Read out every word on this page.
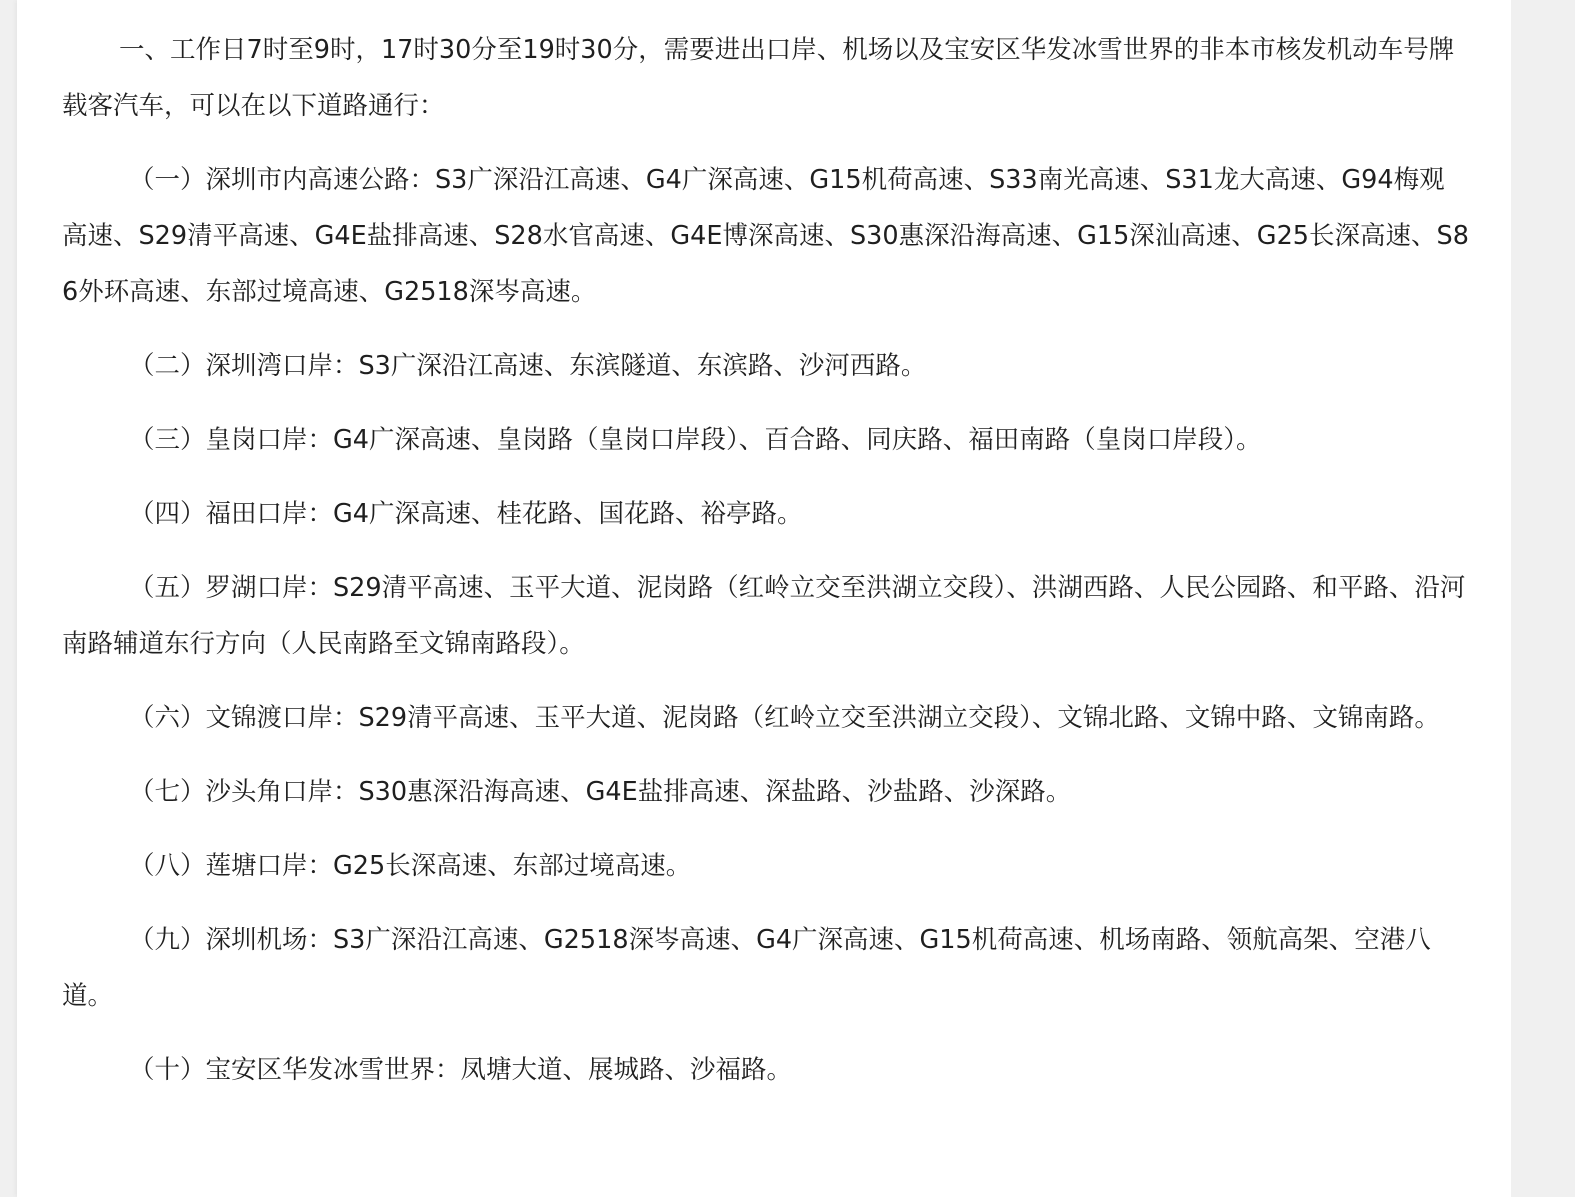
一、工作日7时至9时，17时30分至19时30分，需要进出口岸、机场以及宝安区华发冰雪世界的非本市核发机动车号牌载客汽车，可以在以下道路通行：

（一）深圳市内高速公路：S3广深沿江高速、G4广深高速、G15机荷高速、S33南光高速、S31龙大高速、G94梅观高速、S29清平高速、G4E盐排高速、S28水官高速、G4E博深高速、S30惠深沿海高速、G15深汕高速、G25长深高速、S86外环高速、东部过境高速、G2518深岑高速。

（二）深圳湾口岸：S3广深沿江高速、东滨隧道、东滨路、沙河西路。

（三）皇岗口岸：G4广深高速、皇岗路（皇岗口岸段）、百合路、同庆路、福田南路（皇岗口岸段）。

（四）福田口岸：G4广深高速、桂花路、国花路、裕亭路。

（五）罗湖口岸：S29清平高速、玉平大道、泥岗路（红岭立交至洪湖立交段）、洪湖西路、人民公园路、和平路、沿河南路辅道东行方向（人民南路至文锦南路段）。

（六）文锦渡口岸：S29清平高速、玉平大道、泥岗路（红岭立交至洪湖立交段）、文锦北路、文锦中路、文锦南路。

（七）沙头角口岸：S30惠深沿海高速、G4E盐排高速、深盐路、沙盐路、沙深路。

（八）莲塘口岸：G25长深高速、东部过境高速。

（九）深圳机场：S3广深沿江高速、G2518深岑高速、G4广深高速、G15机荷高速、机场南路、领航高架、空港八道。

（十）宝安区华发冰雪世界：凤塘大道、展城路、沙福路。
